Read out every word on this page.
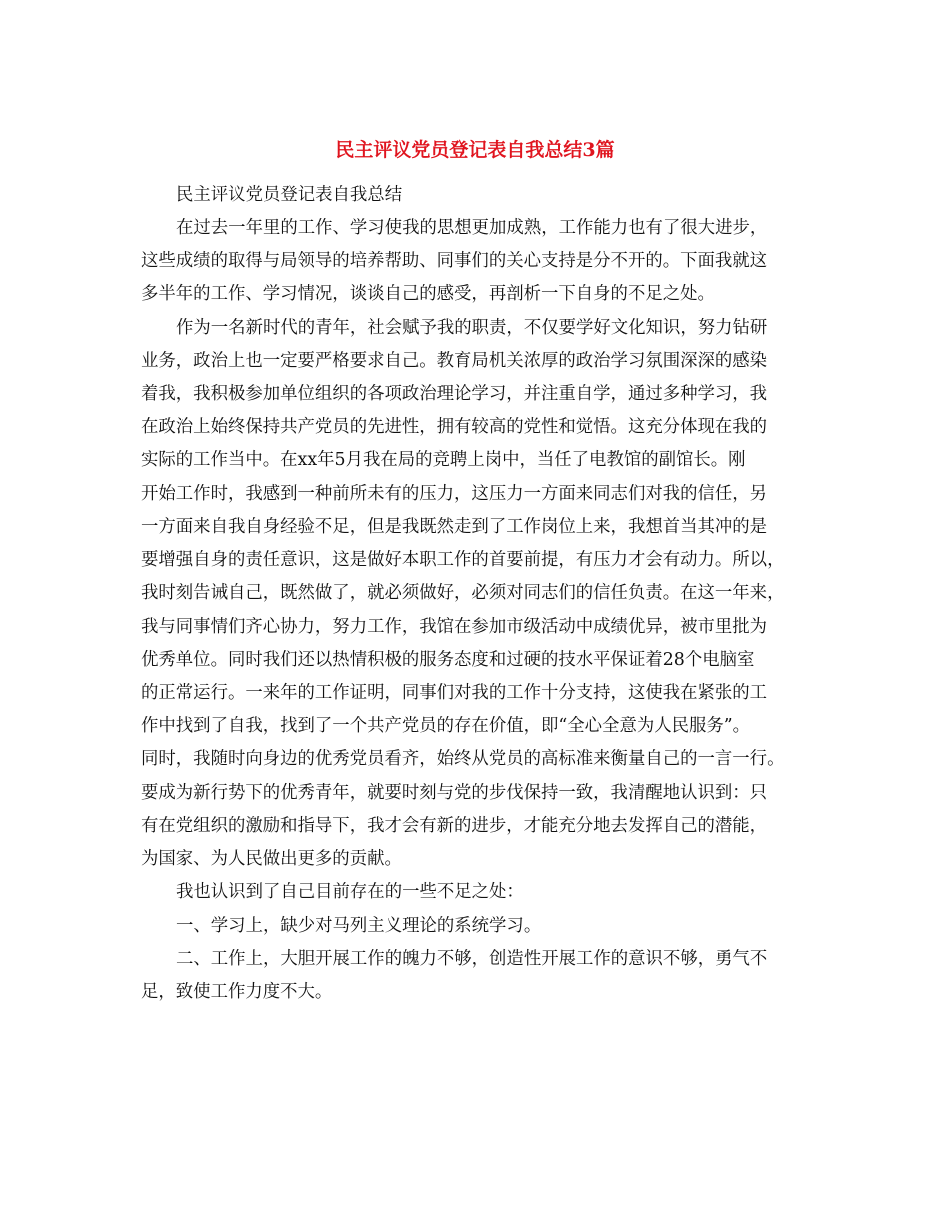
民主评议党员登记表自我总结3篇

民主评议党员登记表自我总结

在过去一年里的工作、学习使我的思想更加成熟，工作能力也有了很大进步，

这些成绩的取得与局领导的培养帮助、同事们的关心支持是分不开的。下面我就这

多半年的工作、学习情况，谈谈自己的感受，再剖析一下自身的不足之处。

作为一名新时代的青年，社会赋予我的职责，不仅要学好文化知识，努力钻研

业务，政治上也一定要严格要求自己。教育局机关浓厚的政治学习氛围深深的感染

着我，我积极参加单位组织的各项政治理论学习，并注重自学，通过多种学习，我

在政治上始终保持共产党员的先进性，拥有较高的党性和觉悟。这充分体现在我的

实际的工作当中。在xx年5月我在局的竞聘上岗中，当任了电教馆的副馆长。刚

开始工作时，我感到一种前所未有的压力，这压力一方面来同志们对我的信任，另

一方面来自我自身经验不足，但是我既然走到了工作岗位上来，我想首当其冲的是

要增强自身的责任意识，这是做好本职工作的首要前提，有压力才会有动力。所以，

我时刻告诫自己，既然做了，就必须做好，必须对同志们的信任负责。在这一年来，

我与同事情们齐心协力，努力工作，我馆在参加市级活动中成绩优异，被市里批为

优秀单位。同时我们还以热情积极的服务态度和过硬的技水平保证着28个电脑室

的正常运行。一来年的工作证明，同事们对我的工作十分支持，这使我在紧张的工

作中找到了自我，找到了一个共产党员的存在价值，即“全心全意为人民服务”。

同时，我随时向身边的优秀党员看齐，始终从党员的高标准来衡量自己的一言一行。

要成为新行势下的优秀青年，就要时刻与党的步伐保持一致，我清醒地认识到：只

有在党组织的激励和指导下，我才会有新的进步，才能充分地去发挥自己的潜能，

为国家、为人民做出更多的贡献。

我也认识到了自己目前存在的一些不足之处：

一、学习上，缺少对马列主义理论的系统学习。

二、工作上，大胆开展工作的魄力不够，创造性开展工作的意识不够，勇气不

足，致使工作力度不大。
